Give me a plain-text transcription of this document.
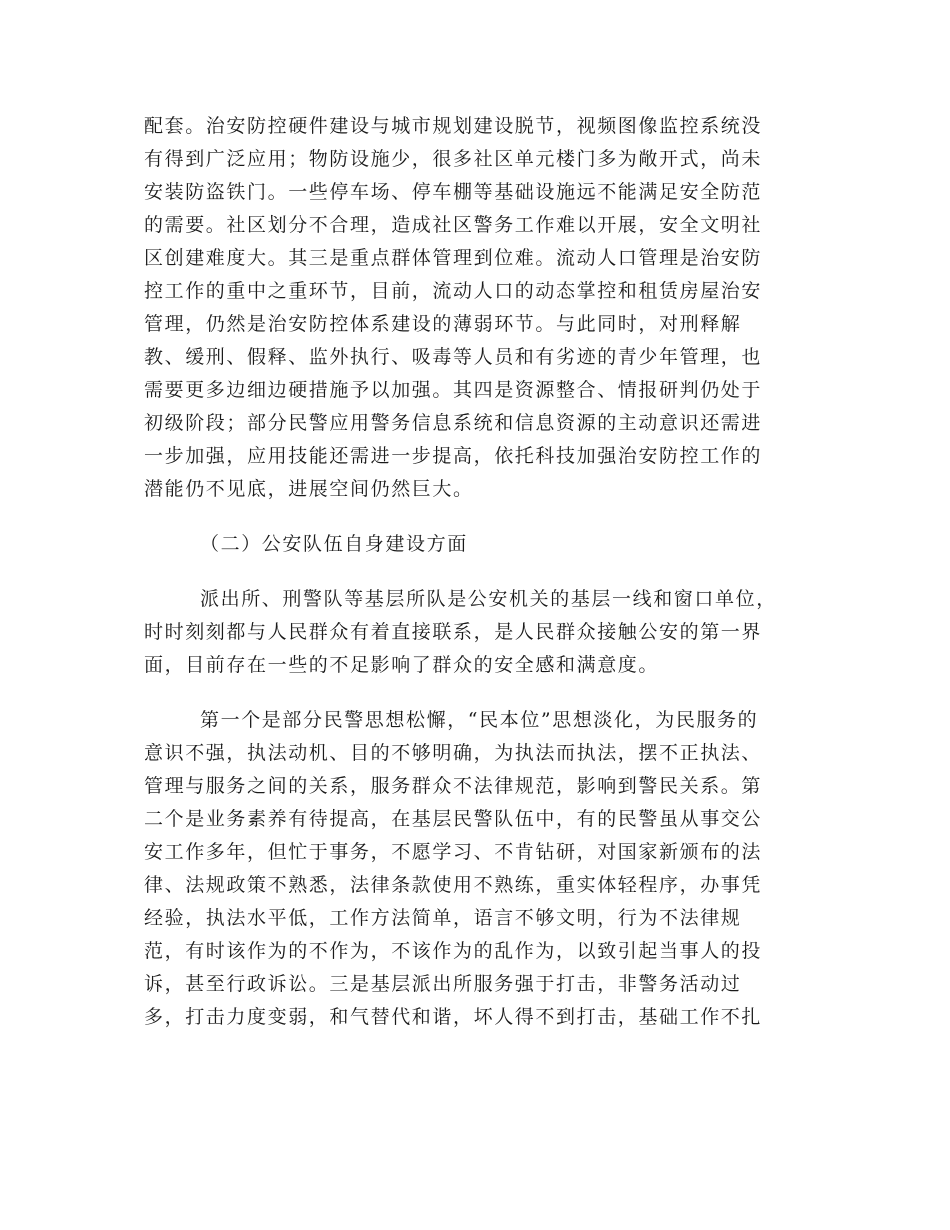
配套。治安防控硬件建设与城市规划建设脱节，视频图像监控系统没
有得到广泛应用；物防设施少，很多社区单元楼门多为敞开式，尚未
安装防盗铁门。一些停车场、停车棚等基础设施远不能满足安全防范
的需要。社区划分不合理，造成社区警务工作难以开展，安全文明社
区创建难度大。其三是重点群体管理到位难。流动人口管理是治安防
控工作的重中之重环节，目前，流动人口的动态掌控和租赁房屋治安
管理，仍然是治安防控体系建设的薄弱环节。与此同时，对刑释解
教、缓刑、假释、监外执行、吸毒等人员和有劣迹的青少年管理，也
需要更多边细边硬措施予以加强。其四是资源整合、情报研判仍处于
初级阶段；部分民警应用警务信息系统和信息资源的主动意识还需进
一步加强，应用技能还需进一步提高，依托科技加强治安防控工作的
潜能仍不见底，进展空间仍然巨大。
（二）公安队伍自身建设方面
派出所、刑警队等基层所队是公安机关的基层一线和窗口单位，
时时刻刻都与人民群众有着直接联系，是人民群众接触公安的第一界
面，目前存在一些的不足影响了群众的安全感和满意度。
第一个是部分民警思想松懈，“民本位”思想淡化，为民服务的
意识不强，执法动机、目的不够明确，为执法而执法，摆不正执法、
管理与服务之间的关系，服务群众不法律规范，影响到警民关系。第
二个是业务素养有待提高，在基层民警队伍中，有的民警虽从事交公
安工作多年，但忙于事务，不愿学习、不肯钻研，对国家新颁布的法
律、法规政策不熟悉，法律条款使用不熟练，重实体轻程序，办事凭
经验，执法水平低，工作方法简单，语言不够文明，行为不法律规
范，有时该作为的不作为，不该作为的乱作为，以致引起当事人的投
诉，甚至行政诉讼。三是基层派出所服务强于打击，非警务活动过
多，打击力度变弱，和气替代和谐，坏人得不到打击，基础工作不扎
